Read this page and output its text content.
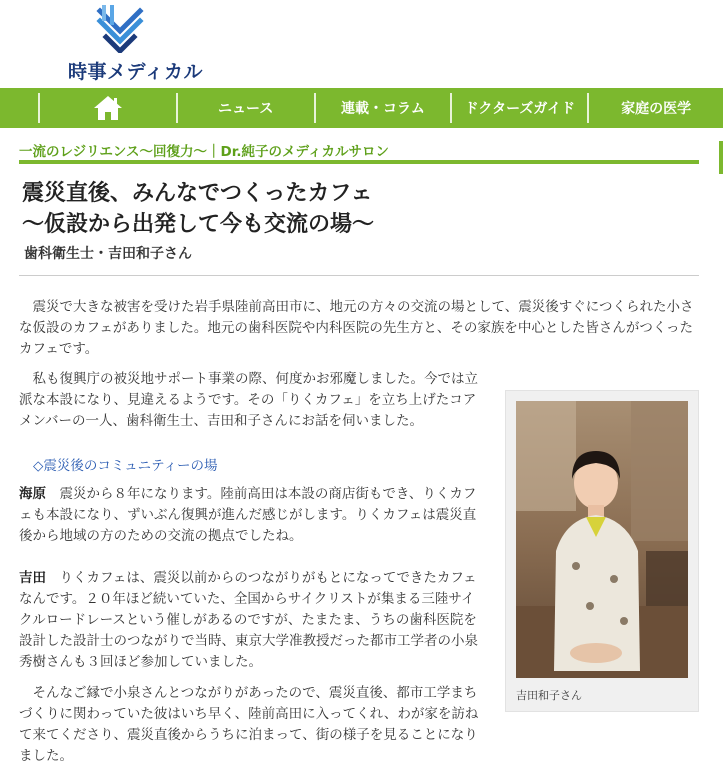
時事メディカル
ニュース	連載・コラム	ドクターズガイド	家庭の医学
一流のレジリエンス〜回復力〜｜Dr.純子のメディカルサロン
震災直後、みんなでつくったカフェ
〜仮設から出発して今も交流の場〜
歯科衛生士・吉田和子さん

　震災で大きな被害を受けた岩手県陸前高田市に、地元の方々の交流の場として、震災後すぐにつくられた小さな仮設のカフェがありました。地元の歯科医院や内科医院の先生方と、その家族を中心とした皆さんがつくったカフェです。

　私も復興庁の被災地サポート事業の際、何度かお邪魔しました。今では立派な本設になり、見違えるようです。その「りくカフェ」を立ち上げたコアメンバーの一人、歯科衛生士、吉田和子さんにお話を伺いました。

◇震災後のコミュニティーの場

海原　 震災から８年になります。陸前高田は本設の商店街もでき、りくカフェも本設になり、ずいぶん復興が進んだ感じがします。りくカフェは震災直後から地域の方のための交流の拠点でしたね。

吉田　 りくカフェは、震災以前からのつながりがもとになってできたカフェなんです。２０年ほど続いていた、全国からサイクリストが集まる三陸サイクルロードレースという催しがあるのですが、たまたま、うちの歯科医院を設計した設計士のつながりで当時、東京大学准教授だった都市工学者の小泉秀樹さんも３回ほど参加していました。

　そんなご縁で小泉さんとつながりがあったので、震災直後、都市工学まちづくりに関わっていた彼はいち早く、陸前高田に入ってくれ、わが家を訪ねて来てくださり、震災直後からうちに泊まって、街の様子を見ることになりました。

吉田和子さん
